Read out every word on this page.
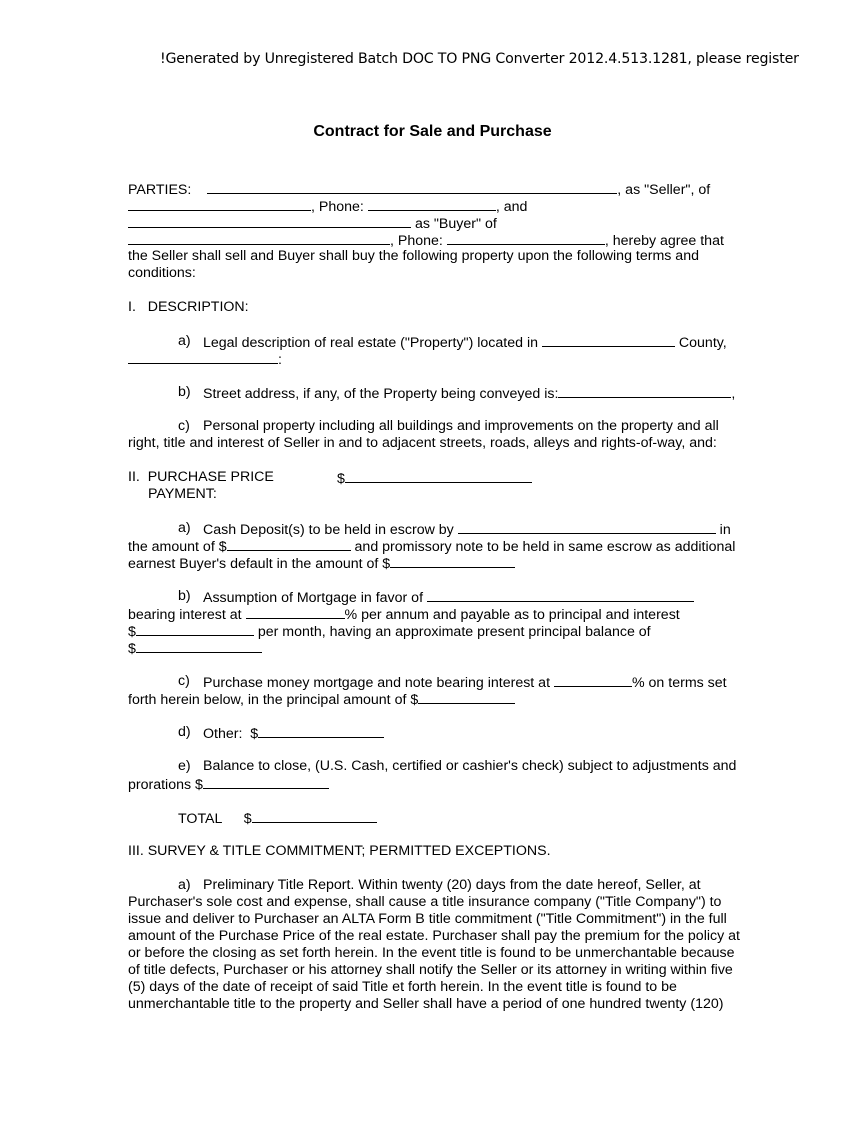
!Generated by Unregistered Batch DOC TO PNG Converter 2012.4.513.1281, please register
Contract for Sale and Purchase
PARTIES:	, as "Seller", of
, Phone:	, and
as "Buyer" of
, Phone:	, hereby agree that
the Seller shall sell and Buyer shall buy the following property upon the following terms and
conditions:
I.   DESCRIPTION:
a) Legal description of real estate ("Property") located in	County,
:
b) Street address, if any, of the Property being conveyed is:	,
c) Personal property including all buildings and improvements on the property and all
right, title and interest of Seller in and to adjacent streets, roads, alleys and rights-of-way, and:
II.  PURCHASE PRICE	$
PAYMENT:
a) Cash Deposit(s) to be held in escrow by	in
the amount of $	and promissory note to be held in same escrow as additional
earnest Buyer's default in the amount of $
b) Assumption of Mortgage in favor of
bearing interest at	% per annum and payable as to principal and interest
$	per month, having an approximate present principal balance of
$
c) Purchase money mortgage and note bearing interest at	% on terms set
forth herein below, in the principal amount of $
d) Other:  $
e) Balance to close, (U.S. Cash, certified or cashier's check) subject to adjustments and
prorations $
TOTAL $
III. SURVEY & TITLE COMMITMENT; PERMITTED EXCEPTIONS.
a) Preliminary Title Report. Within twenty (20) days from the date hereof, Seller, at
Purchaser's sole cost and expense, shall cause a title insurance company ("Title Company") to
issue and deliver to Purchaser an ALTA Form B title commitment ("Title Commitment") in the full
amount of the Purchase Price of the real estate. Purchaser shall pay the premium for the policy at
or before the closing as set forth herein. In the event title is found to be unmerchantable because
of title defects, Purchaser or his attorney shall notify the Seller or its attorney in writing within five
(5) days of the date of receipt of said Title et forth herein. In the event title is found to be
unmerchantable title to the property and Seller shall have a period of one hundred twenty (120)
